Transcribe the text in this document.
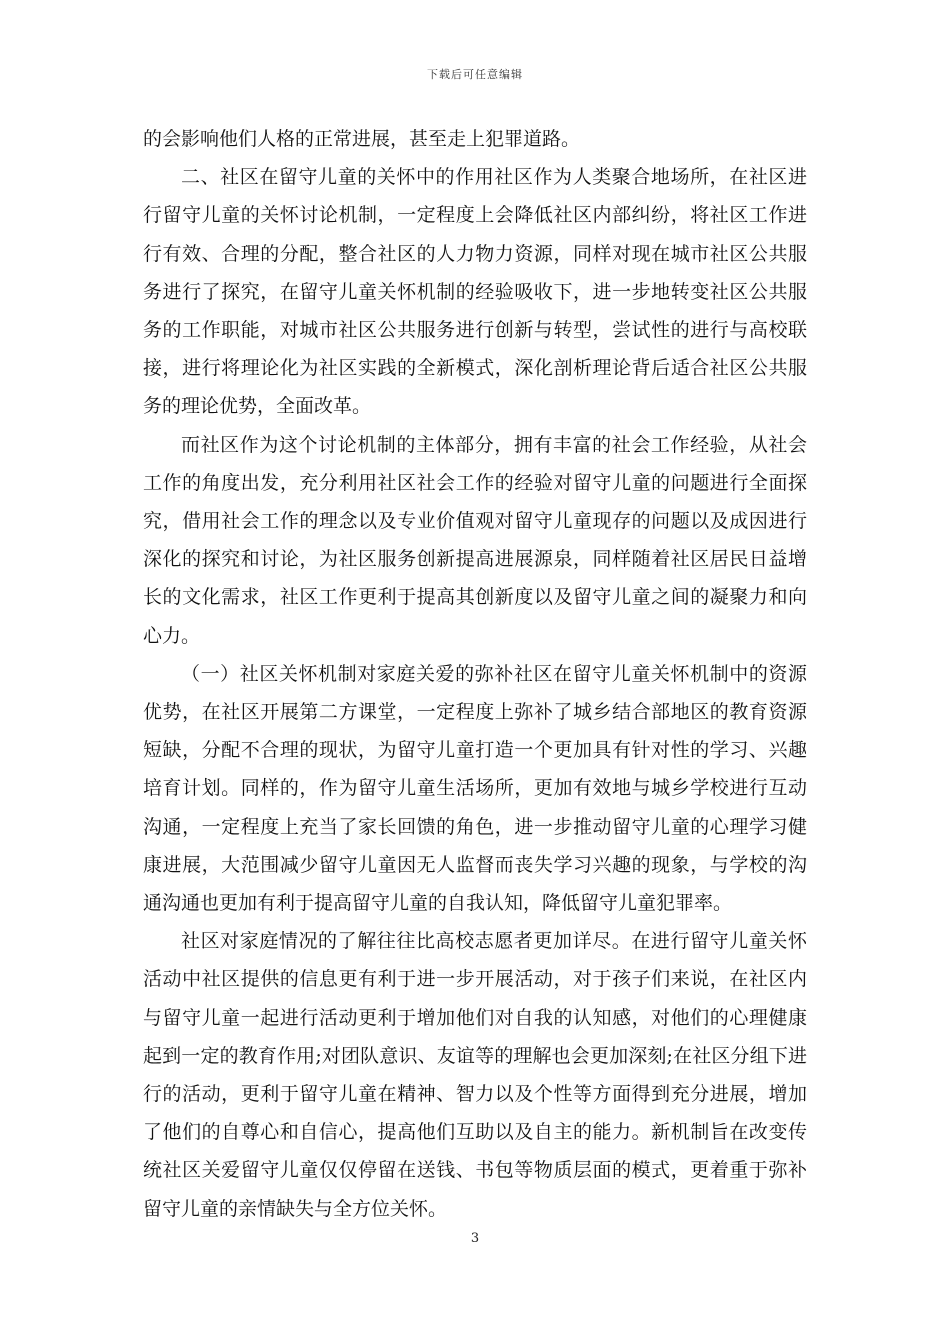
下载后可任意编辑

的会影响他们人格的正常进展，甚至走上犯罪道路。

二、社区在留守儿童的关怀中的作用社区作为人类聚合地场所，在社区进行留守儿童的关怀讨论机制，一定程度上会降低社区内部纠纷，将社区工作进行有效、合理的分配，整合社区的人力物力资源，同样对现在城市社区公共服务进行了探究，在留守儿童关怀机制的经验吸收下，进一步地转变社区公共服务的工作职能，对城市社区公共服务进行创新与转型，尝试性的进行与高校联接，进行将理论化为社区实践的全新模式，深化剖析理论背后适合社区公共服务的理论优势，全面改革。

而社区作为这个讨论机制的主体部分，拥有丰富的社会工作经验，从社会工作的角度出发，充分利用社区社会工作的经验对留守儿童的问题进行全面探究，借用社会工作的理念以及专业价值观对留守儿童现存的问题以及成因进行深化的探究和讨论，为社区服务创新提高进展源泉，同样随着社区居民日益增长的文化需求，社区工作更利于提高其创新度以及留守儿童之间的凝聚力和向心力。

（一）社区关怀机制对家庭关爱的弥补社区在留守儿童关怀机制中的资源优势，在社区开展第二方课堂，一定程度上弥补了城乡结合部地区的教育资源短缺，分配不合理的现状，为留守儿童打造一个更加具有针对性的学习、兴趣培育计划。同样的，作为留守儿童生活场所，更加有效地与城乡学校进行互动沟通，一定程度上充当了家长回馈的角色，进一步推动留守儿童的心理学习健康进展，大范围减少留守儿童因无人监督而丧失学习兴趣的现象，与学校的沟通沟通也更加有利于提高留守儿童的自我认知，降低留守儿童犯罪率。

社区对家庭情况的了解往往比高校志愿者更加详尽。在进行留守儿童关怀活动中社区提供的信息更有利于进一步开展活动，对于孩子们来说，在社区内与留守儿童一起进行活动更利于增加他们对自我的认知感，对他们的心理健康起到一定的教育作用;对团队意识、友谊等的理解也会更加深刻;在社区分组下进行的活动，更利于留守儿童在精神、智力以及个性等方面得到充分进展，增加了他们的自尊心和自信心，提高他们互助以及自主的能力。新机制旨在改变传统社区关爱留守儿童仅仅停留在送钱、书包等物质层面的模式，更着重于弥补留守儿童的亲情缺失与全方位关怀。

3
